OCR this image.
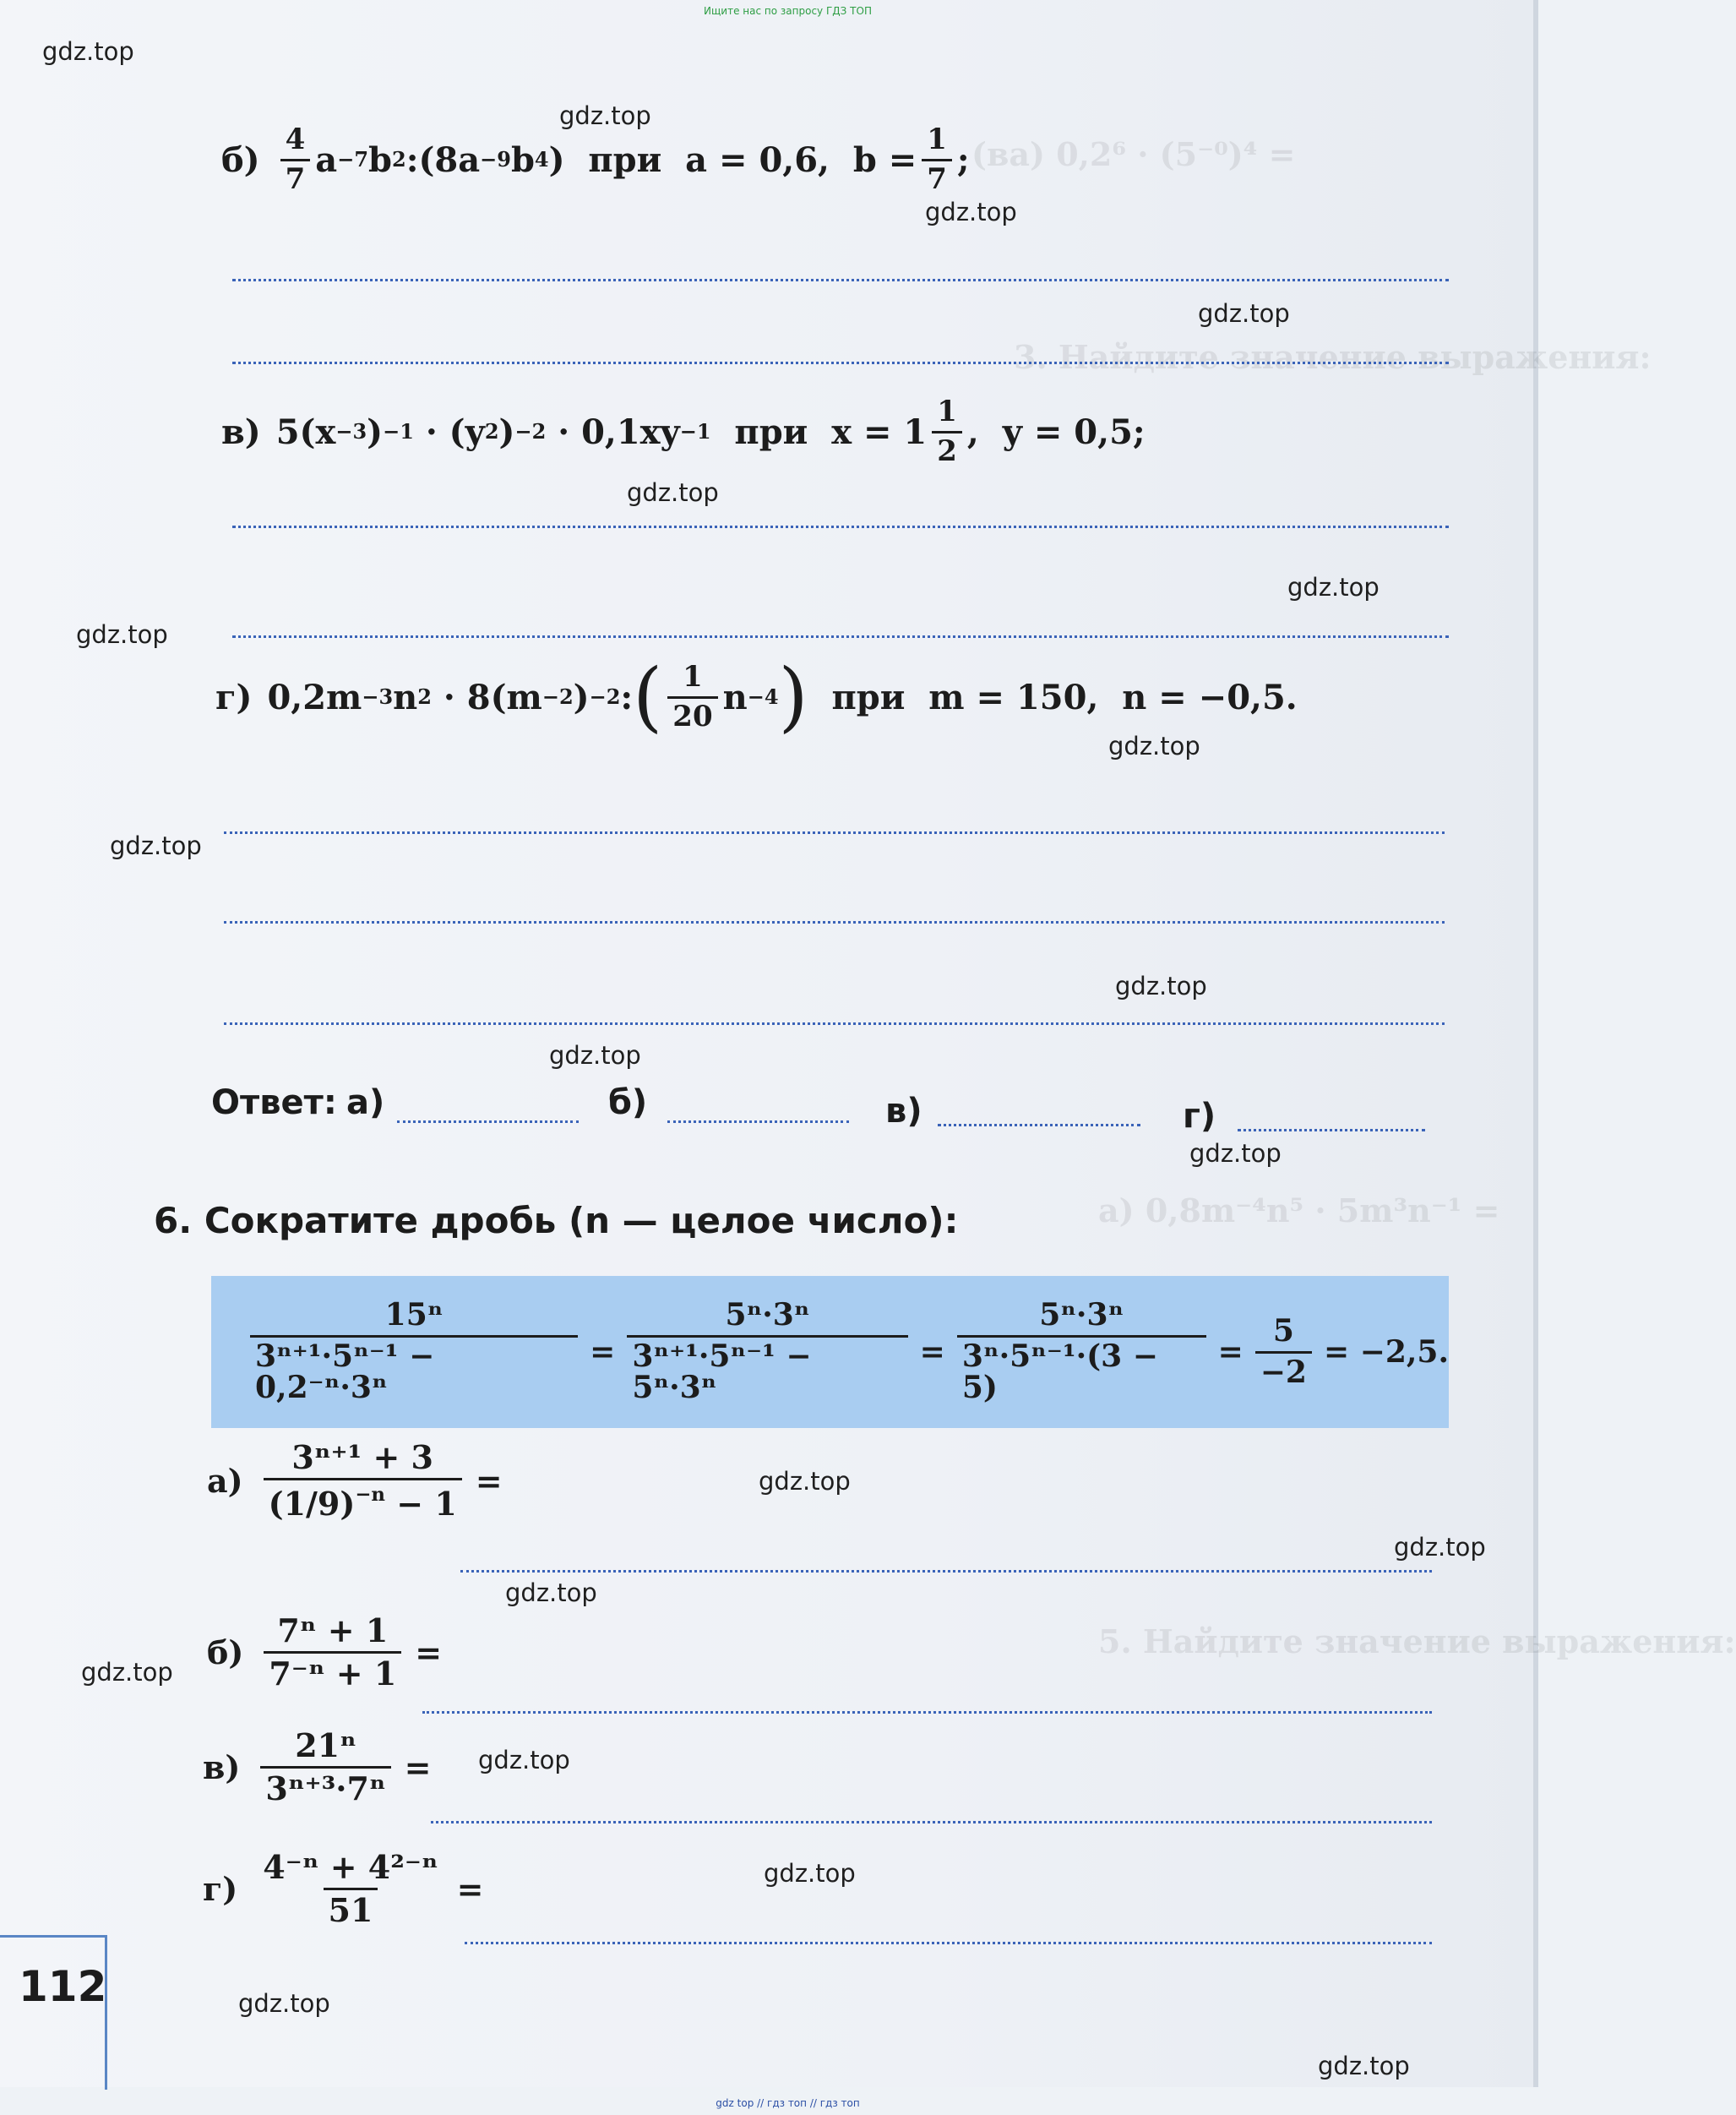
Ищите нас по запросу ГДЗ ТОП
(ва) 0,2⁶ · (5⁻⁰)⁴ =
3. Найдите значение выражения:
а) 0,8m⁻⁴n⁵ · 5m³n⁻¹ =
5. Найдите значение выражения:
gdz.top
gdz.top
gdz.top
gdz.top
gdz.top
gdz.top
gdz.top
gdz.top
gdz.top
gdz.top
gdz.top
gdz.top
gdz.top
gdz.top
gdz.top
gdz.top
gdz.top
gdz.top
gdz.top
gdz.top
$б) \frac{4}{7}$ a −7 b 2 :(8a −9 b 4 )  при  a = 0,6,  $b = \frac{1}{7}$ ;
в) 5(x −3 ) −1 · (y 2 ) −2 · 0,1xy −1 при  $x = 1 \frac{1}{2}$ ,  y = 0,5;
г) 0,2m −3 n 2 · 8(m −2 ) −2 : ( $\frac{1}{20}$ n −4 ) при  m = 150,  n = −0,5.
Ответ: а)	б)	в)	г)
6. Сократите дробь (n — целое число):
$\frac{\text{15ⁿ}}{\text{3ⁿ⁺¹·5ⁿ⁻¹ − 0,2⁻ⁿ·3ⁿ}} = \frac{\text{5ⁿ·3ⁿ}}{\text{3ⁿ⁺¹·5ⁿ⁻¹ − 5ⁿ·3ⁿ}} = \frac{\text{5ⁿ·3ⁿ}}{\text{3ⁿ·5ⁿ⁻¹·(3 − 5)}} = \frac{5}{-2} = -2,5$.
$а) \frac{\text{3ⁿ⁺¹ + 3}}{(1/9)^{-n} - 1}$ =
$б) \frac{\text{7ⁿ + 1}}{\text{7⁻ⁿ + 1}}$ =
$в) \frac{\text{21ⁿ}}{\text{3ⁿ⁺³·7ⁿ}}$ =
$г) \frac{\text{4⁻ⁿ + 4²⁻ⁿ}}{51}$ =
112
gdz top // гдз топ // гдз топ
